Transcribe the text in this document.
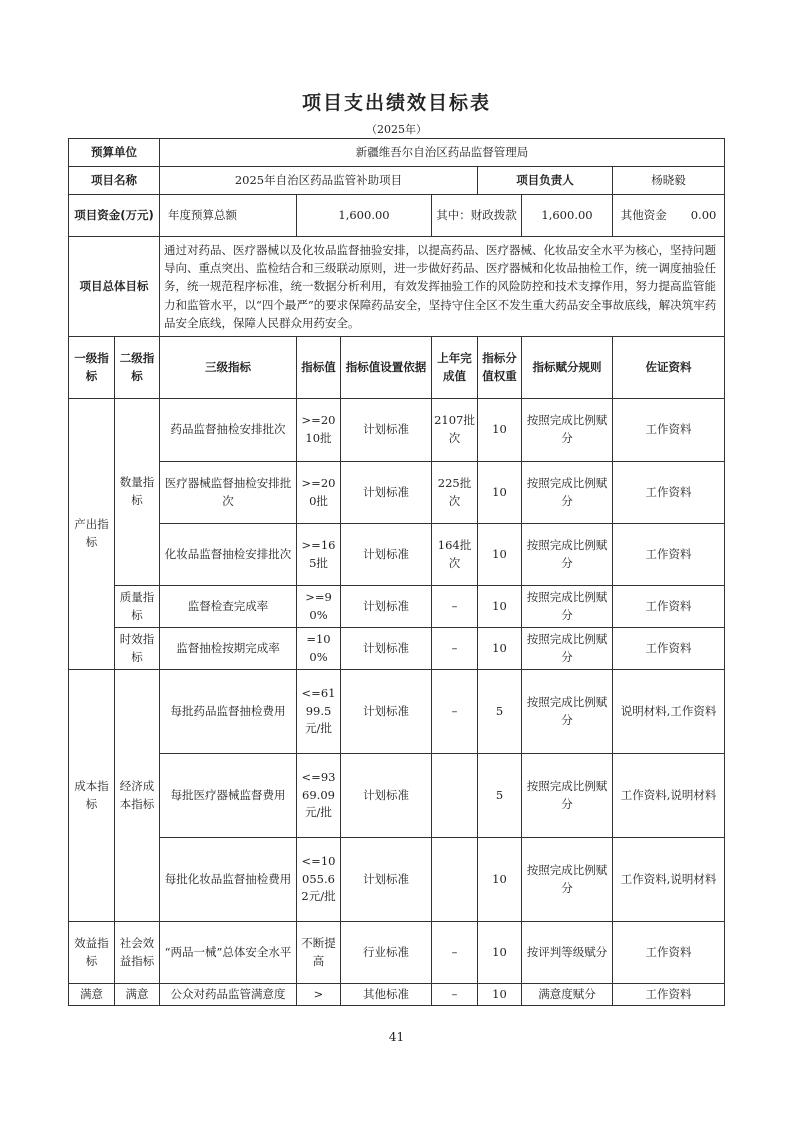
项目支出绩效目标表
（2025年）
预算单位		新疆维吾尔自治区药品监督管理局						
项目名称		2025年自治区药品监管补助项目				项目负责人		杨晓毅
项目资金(万元)		年度预算总额	1,600.00		其中：财政拨款		1,600.00	其他资金 0.00
项目总体目标		通过对药品、医疗器械以及化妆品监督抽验安排，以提高药品、医疗器械、化妆品安全水平为核心，坚持问题导向、重点突出、监检结合和三级联动原则，进一步做好药品、医疗器械和化妆品抽检工作，统一调度抽验任务，统一规范程序标准，统一数据分析利用，有效发挥抽验工作的风险防控和技术支撑作用，努力提高监管能力和监管水平，以“四个最严”的要求保障药品安全，坚持守住全区不发生重大药品安全事故底线，解决筑牢药品安全底线，保障人民群众用药安全。						
一级指标	二级指标	三级指标	指标值	指标值设置依据	上年完成值	指标分值权重	指标赋分规则	佐证资料
产出指标	数量指标	药品监督抽检安排批次	>=2010批	计划标准	2107批次	10	按照完成比例赋分	工作资料
		医疗器械监督抽检安排批次	>=200批	计划标准	225批次	10	按照完成比例赋分	工作资料
		化妆品监督抽检安排批次	>=165批	计划标准	164批次	10	按照完成比例赋分	工作资料
	质量指标	监督检查完成率	>=90%	计划标准	–	10	按照完成比例赋分	工作资料
	时效指标	监督抽检按期完成率	=100%	计划标准	–	10	按照完成比例赋分	工作资料
成本指标	经济成本指标	每批药品监督抽检费用	<=6199.5元/批	计划标准	–	5	按照完成比例赋分	说明材料,工作资料
		每批医疗器械监督费用	<=9369.09元/批	计划标准		5	按照完成比例赋分	工作资料,说明材料
		每批化妆品监督抽检费用	<=10055.62元/批	计划标准		10	按照完成比例赋分	工作资料,说明材料
效益指标	社会效益指标	“两品一械”总体安全水平	不断提高	行业标准	–	10	按评判等级赋分	工作资料
满意	满意	公众对药品监管满意度	>	其他标准	–	10	满意度赋分	工作资料
41
